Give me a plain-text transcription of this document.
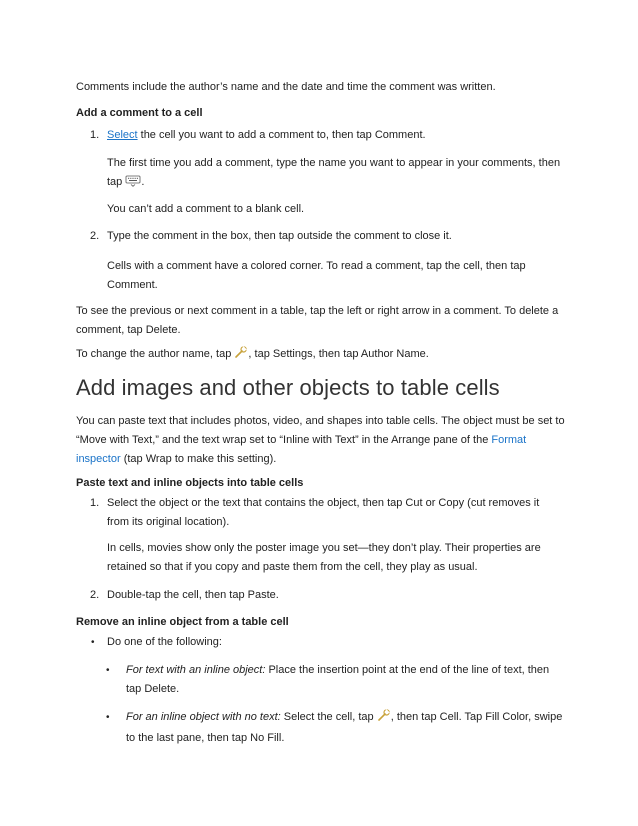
Comments include the author’s name and the date and time the comment was written.

Add a comment to a cell

1. Select the cell you want to add a comment to, then tap Comment.
The first time you add a comment, type the name you want to appear in your comments, then
tap .
You can’t add a comment to a blank cell.
2. Type the comment in the box, then tap outside the comment to close it.
Cells with a comment have a colored corner. To read a comment, tap the cell, then tap
Comment.
To see the previous or next comment in a table, tap the left or right arrow in a comment. To delete a
comment, tap Delete.
To change the author name, tap , tap Settings, then tap Author Name.

Add images and other objects to table cells

You can paste text that includes photos, video, and shapes into table cells. The object must be set to
“Move with Text,” and the text wrap set to “Inline with Text” in the Arrange pane of the Format
inspector (tap Wrap to make this setting).

Paste text and inline objects into table cells

1. Select the object or the text that contains the object, then tap Cut or Copy (cut removes it
from its original location).
In cells, movies show only the poster image you set—they don’t play. Their properties are
retained so that if you copy and paste them from the cell, they play as usual.
2. Double-tap the cell, then tap Paste.

Remove an inline object from a table cell

• Do one of the following:
• For text with an inline object: Place the insertion point at the end of the line of text, then
tap Delete.
• For an inline object with no text: Select the cell, tap , then tap Cell. Tap Fill Color, swipe
to the last pane, then tap No Fill.
